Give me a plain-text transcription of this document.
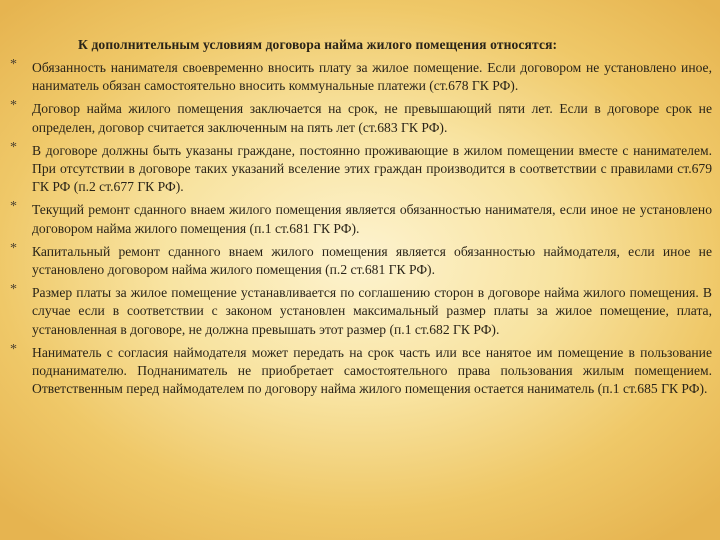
К дополнительным условиям договора найма жилого помещения относятся:
* Обязанность нанимателя своевременно вносить плату за жилое помещение. Если договором не установлено иное, наниматель обязан самостоятельно вносить коммунальные платежи (ст.678 ГК РФ).
* Договор найма жилого помещения заключается на срок, не превышающий пяти лет. Если в договоре срок не определен, договор считается заключенным на пять лет (ст.683 ГК РФ).
* В договоре должны быть указаны граждане, постоянно проживающие в жилом помещении вместе с нанимателем. При отсутствии в договоре таких указаний вселение этих граждан производится в соответствии с правилами ст.679 ГК РФ (п.2 ст.677 ГК РФ).
* Текущий ремонт сданного внаем жилого помещения является обязанностью нанимателя, если иное не установлено договором найма жилого помещения (п.1 ст.681 ГК РФ).
* Капитальный ремонт сданного внаем жилого помещения является обязанностью наймодателя, если иное не установлено договором найма жилого помещения (п.2 ст.681 ГК РФ).
* Размер платы за жилое помещение устанавливается по соглашению сторон в договоре найма жилого помещения. В случае если в соответствии с законом установлен максимальный размер платы за жилое помещение, плата, установленная в договоре, не должна превышать этот размер (п.1 ст.682 ГК РФ).
* Наниматель с согласия наймодателя может передать на срок часть или все нанятое им помещение в пользование поднанимателю. Поднаниматель не приобретает самостоятельного права пользования жилым помещением. Ответственным перед наймодателем по договору найма жилого помещения остается наниматель (п.1 ст.685 ГК РФ).
